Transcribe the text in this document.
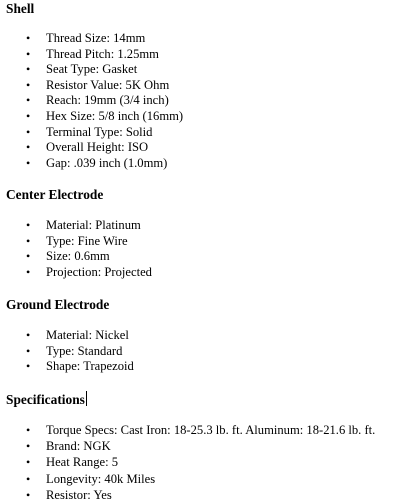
Shell
• Thread Size: 14mm
• Thread Pitch: 1.25mm
• Seat Type: Gasket
• Resistor Value: 5K Ohm
• Reach: 19mm (3/4 inch)
• Hex Size: 5/8 inch (16mm)
• Terminal Type: Solid
• Overall Height: ISO
• Gap: .039 inch (1.0mm)
Center Electrode
• Material: Platinum
• Type: Fine Wire
• Size: 0.6mm
• Projection: Projected
Ground Electrode
• Material: Nickel
• Type: Standard
• Shape: Trapezoid
Specifications
• Torque Specs: Cast Iron: 18-25.3 lb. ft. Aluminum: 18-21.6 lb. ft.
• Brand: NGK
• Heat Range: 5
• Longevity: 40k Miles
• Resistor: Yes
